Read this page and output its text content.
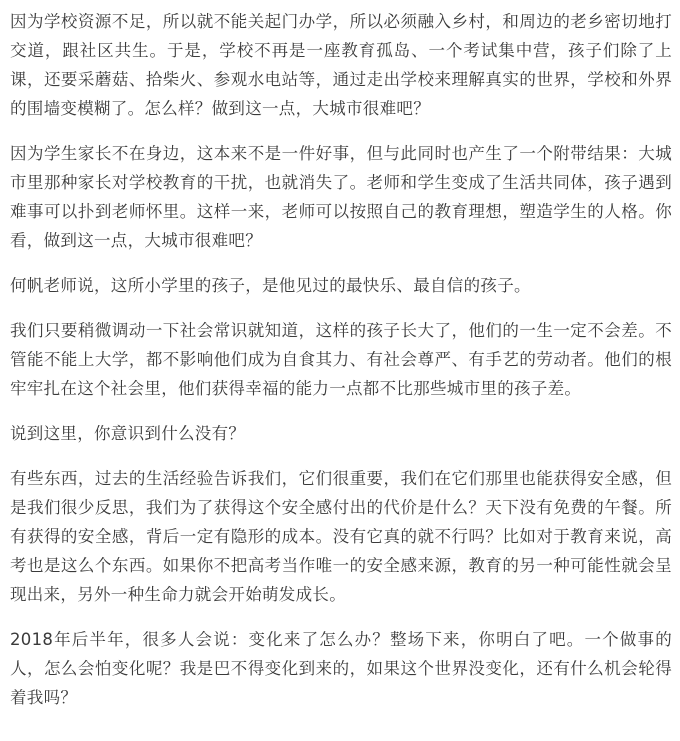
因为学校资源不足，所以就不能关起门办学，所以必须融入乡村，和周边的老乡密切地打交道，跟社区共生。于是，学校不再是一座教育孤岛、一个考试集中营，孩子们除了上课，还要采蘑菇、拾柴火、参观水电站等，通过走出学校来理解真实的世界，学校和外界的围墙变模糊了。怎么样？做到这一点，大城市很难吧？

因为学生家长不在身边，这本来不是一件好事，但与此同时也产生了一个附带结果：大城市里那种家长对学校教育的干扰，也就消失了。老师和学生变成了生活共同体，孩子遇到难事可以扑到老师怀里。这样一来，老师可以按照自己的教育理想，塑造学生的人格。你看，做到这一点，大城市很难吧？

何帆老师说，这所小学里的孩子，是他见过的最快乐、最自信的孩子。

我们只要稍微调动一下社会常识就知道，这样的孩子长大了，他们的一生一定不会差。不管能不能上大学，都不影响他们成为自食其力、有社会尊严、有手艺的劳动者。他们的根牢牢扎在这个社会里，他们获得幸福的能力一点都不比那些城市里的孩子差。

说到这里，你意识到什么没有？

有些东西，过去的生活经验告诉我们，它们很重要，我们在它们那里也能获得安全感，但是我们很少反思，我们为了获得这个安全感付出的代价是什么？天下没有免费的午餐。所有获得的安全感，背后一定有隐形的成本。没有它真的就不行吗？比如对于教育来说，高考也是这么个东西。如果你不把高考当作唯一的安全感来源，教育的另一种可能性就会呈现出来，另外一种生命力就会开始萌发成长。

2018年后半年，很多人会说：变化来了怎么办？整场下来，你明白了吧。一个做事的人，怎么会怕变化呢？我是巴不得变化到来的，如果这个世界没变化，还有什么机会轮得着我吗？
